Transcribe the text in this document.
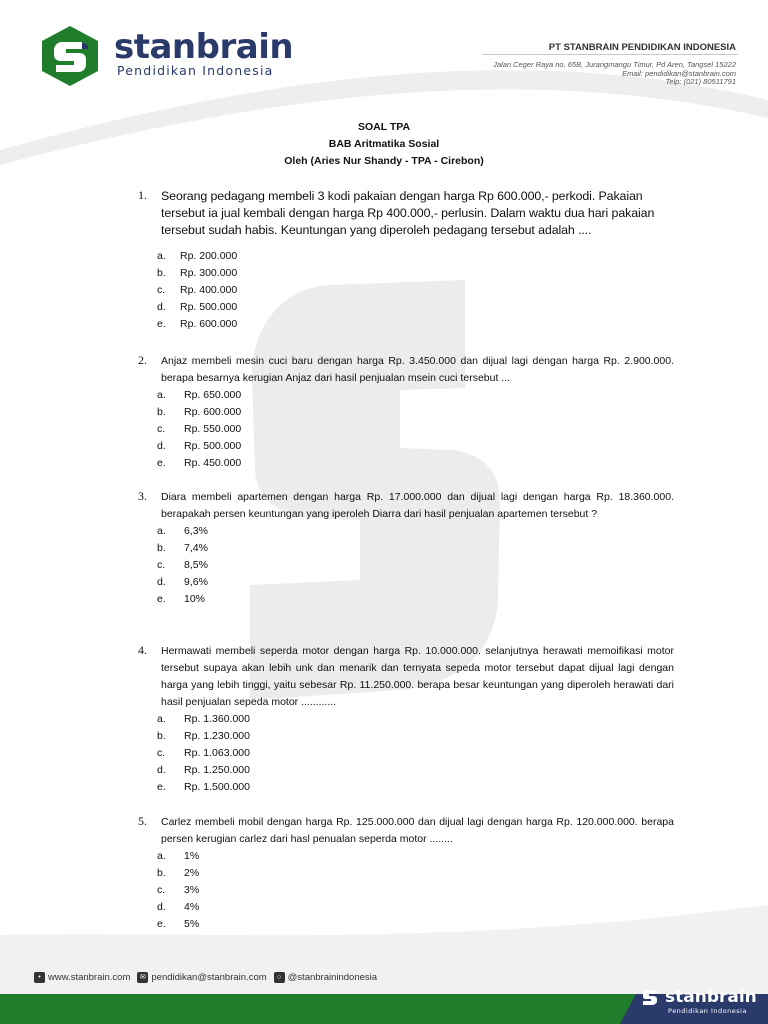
stanbrain
Pendidikan Indonesia
PT STANBRAIN PENDIDIKAN INDONESIA
Jalan Ceger Raya no. 65B, Jurangmangu Timur, Pd Aren, Tangsel 15222
Email: pendidikan@stanbrain.com
Telp: (021) 80511791
SOAL TPA
BAB Aritmatika Sosial
Oleh (Aries Nur Shandy - TPA - Cirebon)
1. Seorang pedagang membeli 3 kodi pakaian dengan harga Rp 600.000,- perkodi. Pakaian tersebut ia jual kembali dengan harga Rp 400.000,- perlusin. Dalam waktu dua hari pakaian tersebut sudah habis. Keuntungan yang diperoleh pedagang tersebut adalah ....
a. Rp. 200.000
b. Rp. 300.000
c. Rp. 400.000
d. Rp. 500.000
e. Rp. 600.000
2. Anjaz membeli mesin cuci baru dengan harga Rp. 3.450.000 dan dijual lagi dengan harga Rp. 2.900.000. berapa besarnya kerugian Anjaz dari hasil penjualan msein cuci tersebut ...
a. Rp. 650.000
b. Rp. 600.000
c. Rp. 550.000
d. Rp. 500.000
e. Rp. 450.000
3. Diara membeli apartemen dengan harga Rp. 17.000.000 dan dijual lagi dengan harga Rp. 18.360.000. berapakah persen keuntungan yang iperoleh Diarra dari hasil penjualan apartemen tersebut ?
a. 6,3%
b. 7,4%
c. 8,5%
d. 9,6%
e. 10%
4. Hermawati membeli seperda motor dengan harga Rp. 10.000.000. selanjutnya herawati memoifikasi motor tersebut supaya akan lebih unk dan menarik dan ternyata sepeda motor tersebut dapat dijual lagi dengan harga yang lebih tinggi, yaitu sebesar Rp. 11.250.000. berapa besar keuntungan yang diperoleh herawati dari hasil penjualan sepeda motor ............
a. Rp. 1.360.000
b. Rp. 1.230.000
c. Rp. 1.063.000
d. Rp. 1.250.000
e. Rp. 1.500.000
5. Carlez membeli mobil dengan harga Rp. 125.000.000 dan dijual lagi dengan harga Rp. 120.000.000. berapa persen kerugian carlez dari hasl penualan seperda motor ........
a. 1%
b. 2%
c. 3%
d. 4%
e. 5%
• www.stanbrain.com	✉ pendidikan@stanbrain.com	○ @stanbrainindonesia
stanbrain
Pendidikan Indonesia
